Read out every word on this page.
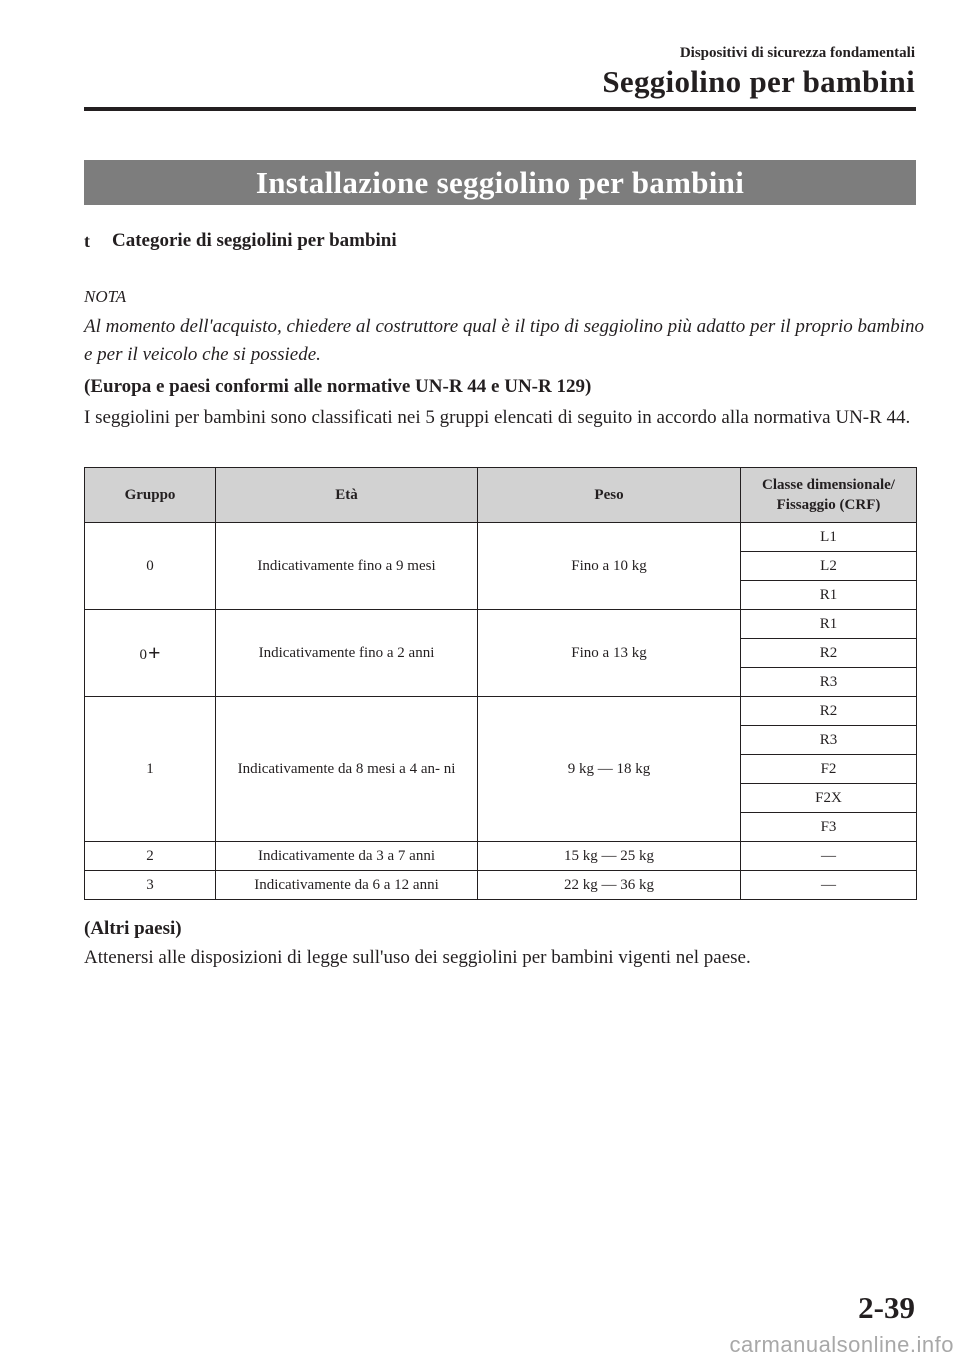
Dispositivi di sicurezza fondamentali
Seggiolino per bambini
Installazione seggiolino per bambini
t	Categorie di seggiolini per bambini
NOTA
Al momento dell'acquisto, chiedere al costruttore qual è il tipo di seggiolino più adatto per il proprio bambino e per il veicolo che si possiede.
(Europa e paesi conformi alle normative UN-R 44 e UN-R 129)
I seggiolini per bambini sono classificati nei 5 gruppi elencati di seguito in accordo alla normativa UN-R 44.
Gruppo	Età	Peso	Classe dimensionale/ Fissaggio (CRF)
0	Indicativamente fino a 9 mesi	Fino a 10 kg	L1
			L2
			R1
0+	Indicativamente fino a 2 anni	Fino a 13 kg	R1
			R2
			R3
1	Indicativamente da 8 mesi a 4 an- ni	9 kg — 18 kg	R2
			R3
			F2
			F2X
			F3
2	Indicativamente da 3 a 7 anni	15 kg — 25 kg	—
3	Indicativamente da 6 a 12 anni	22 kg — 36 kg	—
(Altri paesi)
Attenersi alle disposizioni di legge sull'uso dei seggiolini per bambini vigenti nel paese.
2-39
carmanualsonline.info
